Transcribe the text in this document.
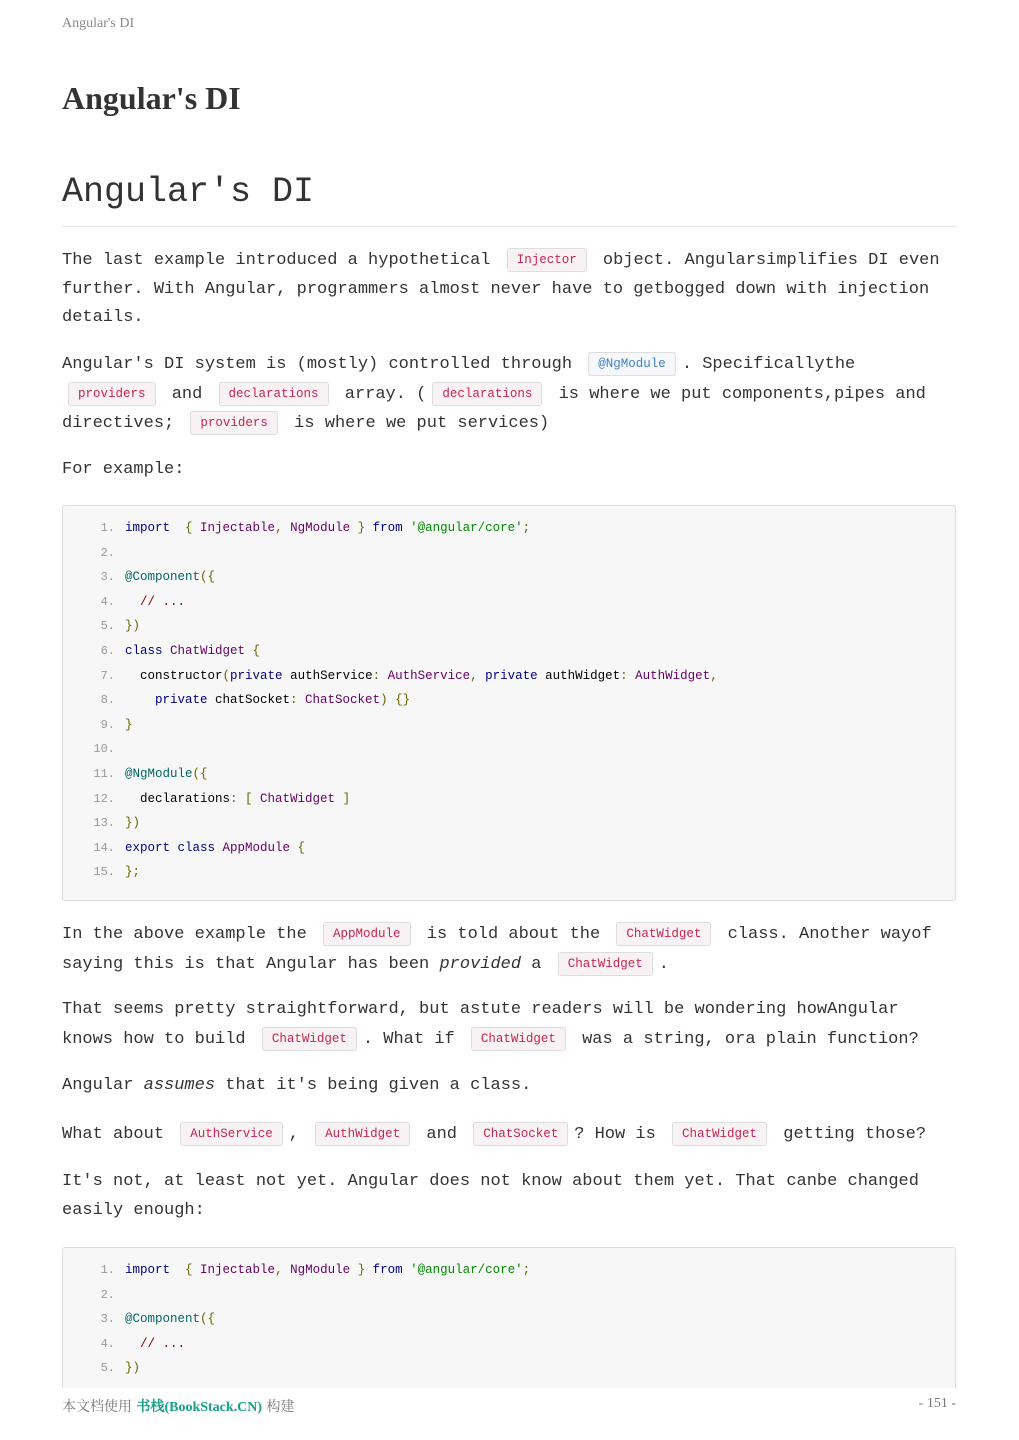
Angular's DI
Angular's DI
Angular's DI

The last example introduced a hypothetical Injector object. Angularsimplifies DI even further. With Angular, programmers almost never have to getbogged down with injection details.

Angular's DI system is (mostly) controlled through @NgModule . Specificallythe providers and declarations array. ( declarations is where we put components,pipes and directives; providers is where we put services)

For example:

1. import { Injectable, NgModule } from '@angular/core';
2.
3. @Component({
4.  // ...
5. })
6. class ChatWidget {
7.  constructor(private authService: AuthService, private authWidget: AuthWidget,
8.    private chatSocket: ChatSocket) {}
9. }
10.
11. @NgModule({
12.  declarations: [ ChatWidget ]
13. })
14. export class AppModule {
15. };

In the above example the AppModule is told about the ChatWidget class. Another wayof saying this is that Angular has been provided a ChatWidget .

That seems pretty straightforward, but astute readers will be wondering howAngular knows how to build ChatWidget . What if ChatWidget was a string, ora plain function?

Angular assumes that it's being given a class.

What about AuthService , AuthWidget and ChatSocket ? How is ChatWidget getting those?

It's not, at least not yet. Angular does not know about them yet. That canbe changed easily enough:

1. import { Injectable, NgModule } from '@angular/core';
2.
3. @Component({
4.  // ...
5. })
本文档使用 书栈(BookStack.CN) 构建	- 151 -
